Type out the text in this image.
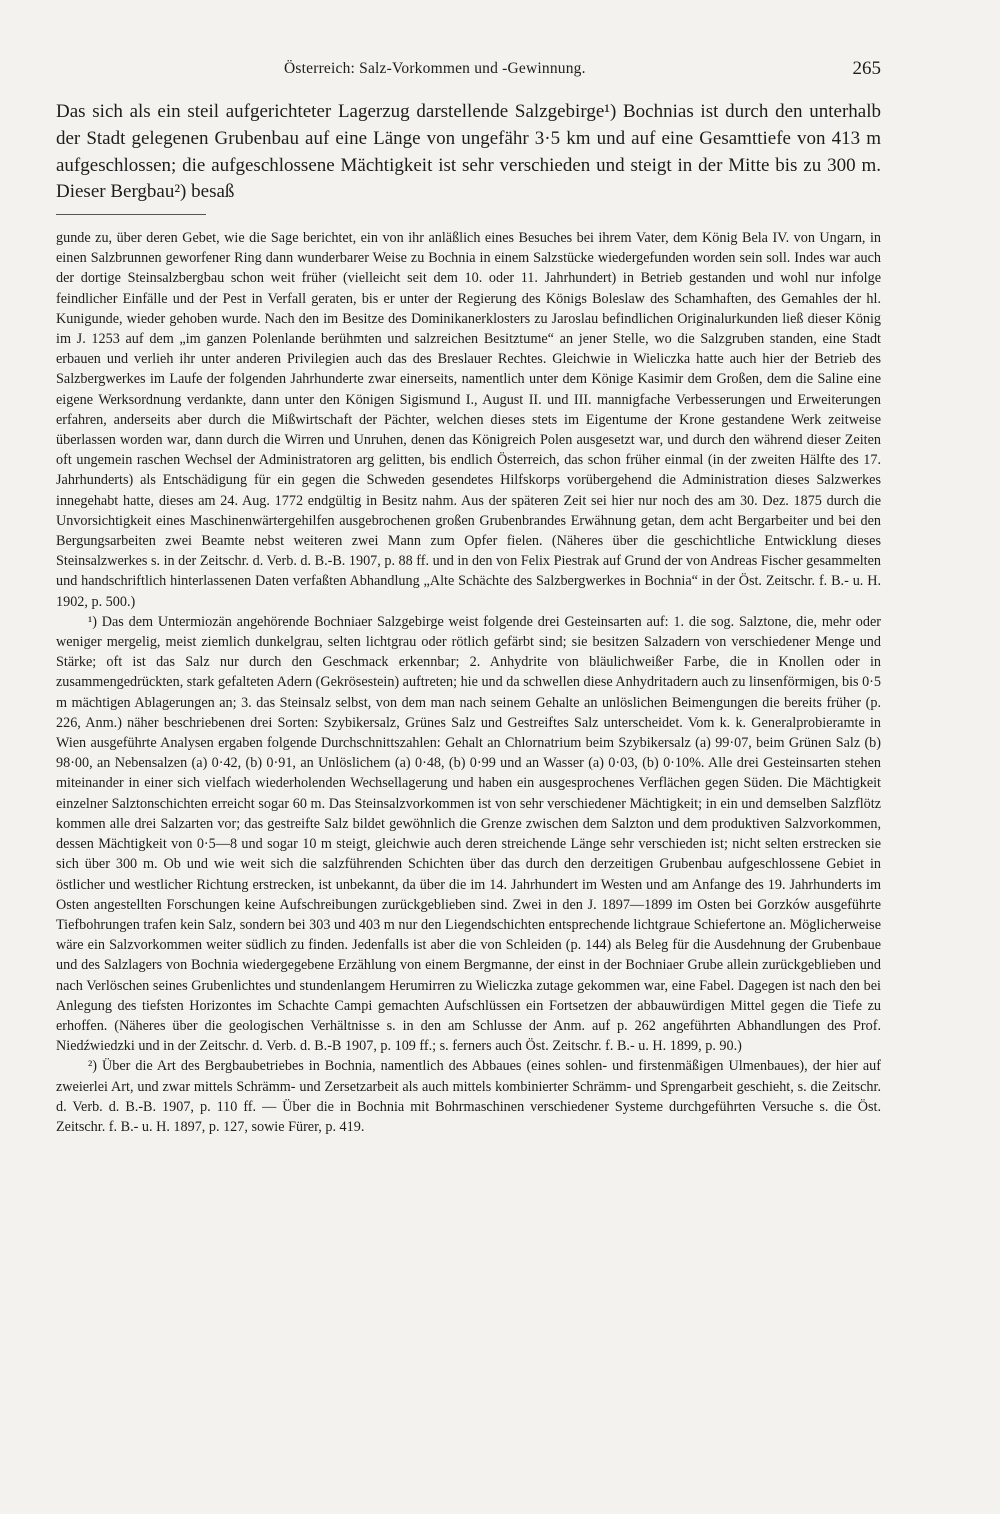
Österreich: Salz-Vorkommen und -Gewinnung.	265

Das sich als ein steil aufgerichteter Lagerzug darstellende Salzgebirge¹) Bochnias ist durch den unterhalb der Stadt gelegenen Grubenbau auf eine Länge von ungefähr 3·5 km und auf eine Gesamttiefe von 413 m aufgeschlossen; die aufgeschlossene Mächtigkeit ist sehr verschieden und steigt in der Mitte bis zu 300 m. Dieser Bergbau²) besaß

gunde zu, über deren Gebet, wie die Sage berichtet, ein von ihr anläßlich eines Besuches bei ihrem Vater, dem König Bela IV. von Ungarn, in einen Salzbrunnen geworfener Ring dann wunderbarer Weise zu Bochnia in einem Salzstücke wiedergefunden worden sein soll. Indes war auch der dortige Steinsalzbergbau schon weit früher (vielleicht seit dem 10. oder 11. Jahrhundert) in Betrieb gestanden und wohl nur infolge feindlicher Einfälle und der Pest in Verfall geraten, bis er unter der Regierung des Königs Boleslaw des Schamhaften, des Gemahles der hl. Kunigunde, wieder gehoben wurde. Nach den im Besitze des Dominikanerklosters zu Jaroslau befindlichen Originalurkunden ließ dieser König im J. 1253 auf dem „im ganzen Polenlande berühmten und salzreichen Besitztume“ an jener Stelle, wo die Salzgruben standen, eine Stadt erbauen und verlieh ihr unter anderen Privilegien auch das des Breslauer Rechtes. Gleichwie in Wieliczka hatte auch hier der Betrieb des Salzbergwerkes im Laufe der folgenden Jahrhunderte zwar einerseits, namentlich unter dem Könige Kasimir dem Großen, dem die Saline eine eigene Werksordnung verdankte, dann unter den Königen Sigismund I., August II. und III. mannigfache Verbesserungen und Erweiterungen erfahren, anderseits aber durch die Mißwirtschaft der Pächter, welchen dieses stets im Eigentume der Krone gestandene Werk zeitweise überlassen worden war, dann durch die Wirren und Unruhen, denen das Königreich Polen ausgesetzt war, und durch den während dieser Zeiten oft ungemein raschen Wechsel der Administratoren arg gelitten, bis endlich Österreich, das schon früher einmal (in der zweiten Hälfte des 17. Jahrhunderts) als Entschädigung für ein gegen die Schweden gesendetes Hilfskorps vorübergehend die Administration dieses Salzwerkes innegehabt hatte, dieses am 24. Aug. 1772 endgültig in Besitz nahm. Aus der späteren Zeit sei hier nur noch des am 30. Dez. 1875 durch die Unvorsichtigkeit eines Maschinenwärtergehilfen ausgebrochenen großen Grubenbrandes Erwähnung getan, dem acht Bergarbeiter und bei den Bergungsarbeiten zwei Beamte nebst weiteren zwei Mann zum Opfer fielen. (Näheres über die geschichtliche Entwicklung dieses Steinsalzwerkes s. in der Zeitschr. d. Verb. d. B.-B. 1907, p. 88 ff. und in den von Felix Piestrak auf Grund der von Andreas Fischer gesammelten und handschriftlich hinterlassenen Daten verfaßten Abhandlung „Alte Schächte des Salzbergwerkes in Bochnia“ in der Öst. Zeitschr. f. B.- u. H. 1902, p. 500.)

¹) Das dem Untermiozän angehörende Bochniaer Salzgebirge weist folgende drei Gesteinsarten auf: 1. die sog. Salztone, die, mehr oder weniger mergelig, meist ziemlich dunkelgrau, selten lichtgrau oder rötlich gefärbt sind; sie besitzen Salzadern von verschiedener Menge und Stärke; oft ist das Salz nur durch den Geschmack erkennbar; 2. Anhydrite von bläulichweißer Farbe, die in Knollen oder in zusammengedrückten, stark gefalteten Adern (Gekrösestein) auftreten; hie und da schwellen diese Anhydritadern auch zu linsenförmigen, bis 0·5 m mächtigen Ablagerungen an; 3. das Steinsalz selbst, von dem man nach seinem Gehalte an unlöslichen Beimengungen die bereits früher (p. 226, Anm.) näher beschriebenen drei Sorten: Szybikersalz, Grünes Salz und Gestreiftes Salz unterscheidet. Vom k. k. Generalprobieramte in Wien ausgeführte Analysen ergaben folgende Durchschnittszahlen: Gehalt an Chlornatrium beim Szybikersalz (a) 99·07, beim Grünen Salz (b) 98·00, an Nebensalzen (a) 0·42, (b) 0·91, an Unlöslichem (a) 0·48, (b) 0·99 und an Wasser (a) 0·03, (b) 0·10%. Alle drei Gesteinsarten stehen miteinander in einer sich vielfach wiederholenden Wechsellagerung und haben ein ausgesprochenes Verflächen gegen Süden. Die Mächtigkeit einzelner Salztonschichten erreicht sogar 60 m. Das Steinsalzvorkommen ist von sehr verschiedener Mächtigkeit; in ein und demselben Salzflötz kommen alle drei Salzarten vor; das gestreifte Salz bildet gewöhnlich die Grenze zwischen dem Salzton und dem produktiven Salzvorkommen, dessen Mächtigkeit von 0·5—8 und sogar 10 m steigt, gleichwie auch deren streichende Länge sehr verschieden ist; nicht selten erstrecken sie sich über 300 m. Ob und wie weit sich die salzführenden Schichten über das durch den derzeitigen Grubenbau aufgeschlossene Gebiet in östlicher und westlicher Richtung erstrecken, ist unbekannt, da über die im 14. Jahrhundert im Westen und am Anfange des 19. Jahrhunderts im Osten angestellten Forschungen keine Aufschreibungen zurückgeblieben sind. Zwei in den J. 1897—1899 im Osten bei Gorzków ausgeführte Tiefbohrungen trafen kein Salz, sondern bei 303 und 403 m nur den Liegendschichten entsprechende lichtgraue Schiefertone an. Möglicherweise wäre ein Salzvorkommen weiter südlich zu finden. Jedenfalls ist aber die von Schleiden (p. 144) als Beleg für die Ausdehnung der Grubenbaue und des Salzlagers von Bochnia wiedergegebene Erzählung von einem Bergmanne, der einst in der Bochniaer Grube allein zurückgeblieben und nach Verlöschen seines Grubenlichtes und stundenlangem Herumirren zu Wieliczka zutage gekommen war, eine Fabel. Dagegen ist nach den bei Anlegung des tiefsten Horizontes im Schachte Campi gemachten Aufschlüssen ein Fortsetzen der abbauwürdigen Mittel gegen die Tiefe zu erhoffen. (Näheres über die geologischen Verhältnisse s. in den am Schlusse der Anm. auf p. 262 angeführten Abhandlungen des Prof. Niedźwiedzki und in der Zeitschr. d. Verb. d. B.-B 1907, p. 109 ff.; s. ferners auch Öst. Zeitschr. f. B.- u. H. 1899, p. 90.)

²) Über die Art des Bergbaubetriebes in Bochnia, namentlich des Abbaues (eines sohlen- und firstenmäßigen Ulmenbaues), der hier auf zweierlei Art, und zwar mittels Schrämm- und Zersetzarbeit als auch mittels kombinierter Schrämm- und Sprengarbeit geschieht, s. die Zeitschr. d. Verb. d. B.-B. 1907, p. 110 ff. — Über die in Bochnia mit Bohrmaschinen verschiedener Systeme durchgeführten Versuche s. die Öst. Zeitschr. f. B.- u. H. 1897, p. 127, sowie Fürer, p. 419.
